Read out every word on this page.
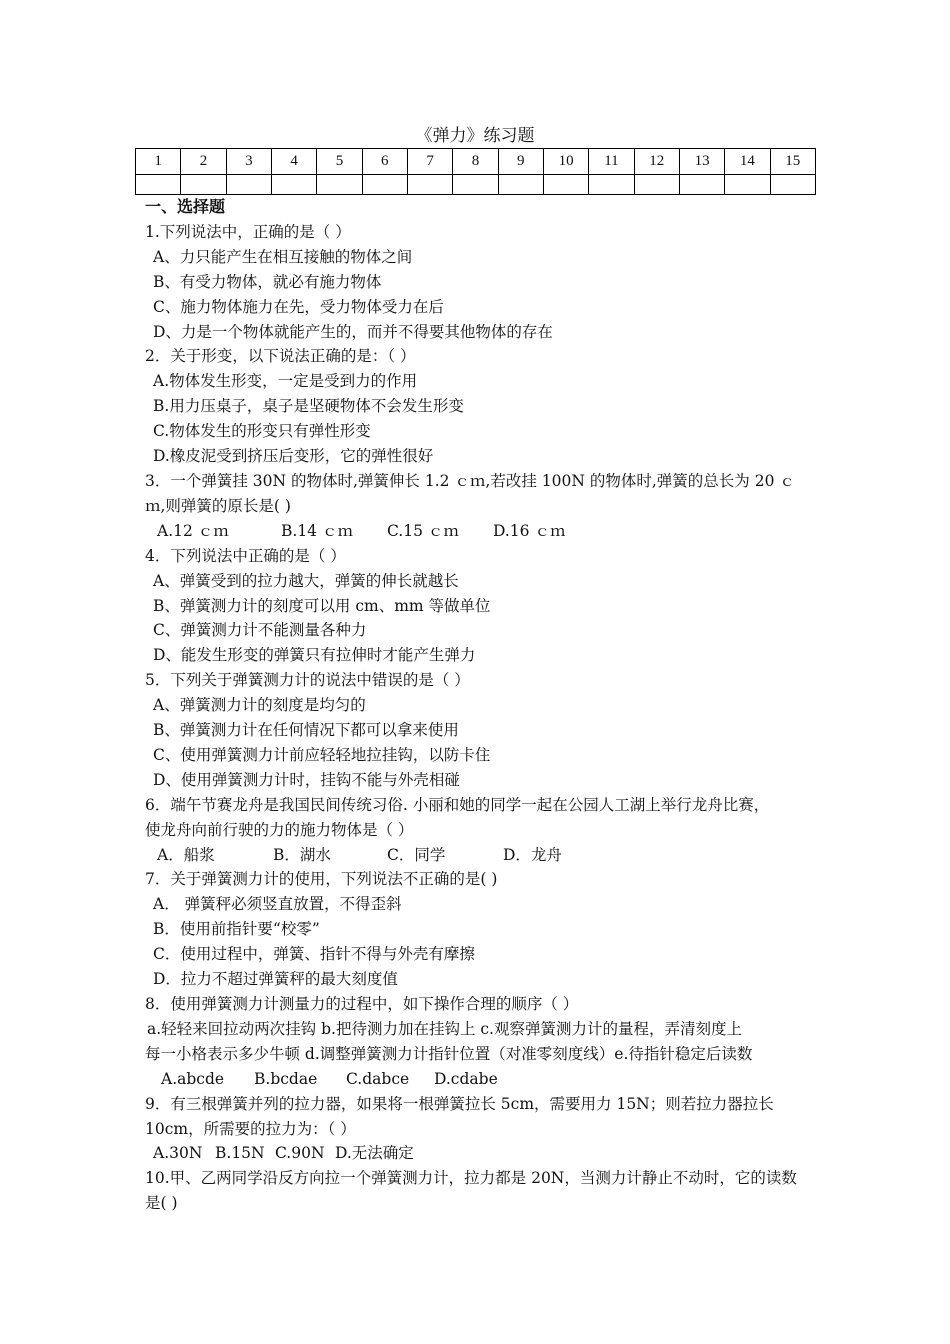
《弹力》练习题
1	2	3	4	5	6	7	8	9	10	11	12	13	14	15

一、选择题
1.下列说法中，正确的是（ ）
A、力只能产生在相互接触的物体之间
B、有受力物体，就必有施力物体
C、施力物体施力在先，受力物体受力在后
D、力是一个物体就能产生的，而并不得要其他物体的存在
2．关于形变，以下说法正确的是：（ ）
A.物体发生形变，一定是受到力的作用
B.用力压桌子，桌子是坚硬物体不会发生形变
C.物体发生的形变只有弹性形变
D.橡皮泥受到挤压后变形，它的弹性很好
3．一个弹簧挂 30N 的物体时,弹簧伸长 1.2 ｃｍ,若改挂 100N 的物体时,弹簧的总长为 20 ｃ
ｍ,则弹簧的原长是( )
A.12 ｃｍ	B.14 ｃｍ C.15 ｃｍ D.16 ｃｍ
4．下列说法中正确的是（ ）
A、弹簧受到的拉力越大，弹簧的伸长就越长
B、弹簧测力计的刻度可以用 cm、mm 等做单位
C、弹簧测力计不能测量各种力
D、能发生形变的弹簧只有拉伸时才能产生弹力
5．下列关于弹簧测力计的说法中错误的是（ ）
A、弹簧测力计的刻度是均匀的
B、弹簧测力计在任何情况下都可以拿来使用
C、使用弹簧测力计前应轻轻地拉挂钩，以防卡住
D、使用弹簧测力计时，挂钩不能与外壳相碰
6．端午节赛龙舟是我国民间传统习俗. 小丽和她的同学一起在公园人工湖上举行龙舟比赛，
使龙舟向前行驶的力的施力物体是（ ）
A．船浆	B．湖水	C．同学	D．龙舟
7．关于弹簧测力计的使用，下列说法不正确的是( )
A． 弹簧秤必须竖直放置，不得歪斜
B．使用前指针要“校零”
C．使用过程中，弹簧、指针不得与外壳有摩擦
D．拉力不超过弹簧秤的最大刻度值
8．使用弹簧测力计测量力的过程中，如下操作合理的顺序（ ）
a.轻轻来回拉动两次挂钩 b.把待测力加在挂钩上 c.观察弹簧测力计的量程，弄清刻度上
每一小格表示多少牛顿 d.调整弹簧测力计指针位置（对准零刻度线）e.待指针稳定后读数
A.abcde B.bcdae C.dabce D.cdabe
9．有三根弹簧并列的拉力器，如果将一根弹簧拉长 5cm，需要用力 15N；则若拉力器拉长
10cm，所需要的拉力为：（ ）
A.30N B.15N C.90N D.无法确定
10.甲、乙两同学沿反方向拉一个弹簧测力计，拉力都是 20N，当测力计静止不动时，它的读数
是( )
